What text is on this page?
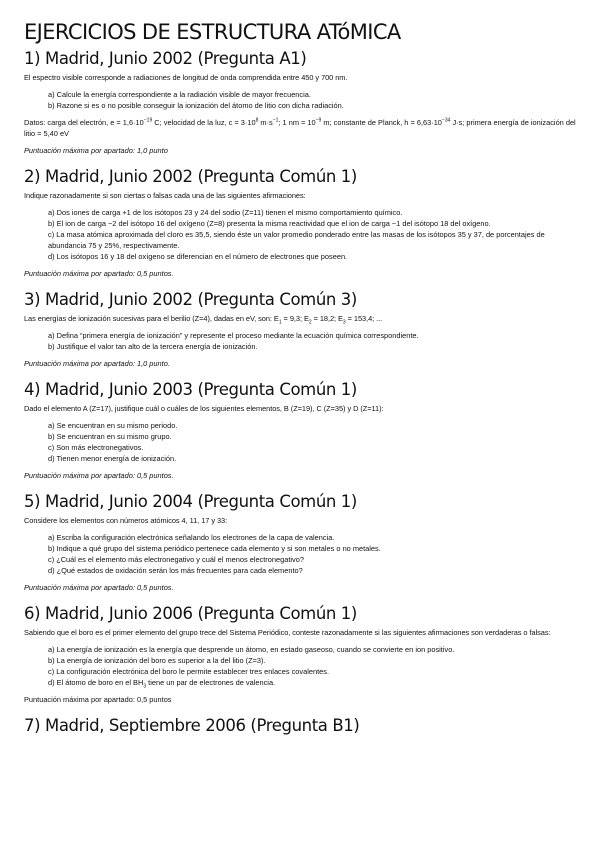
EJERCICIOS DE ESTRUCTURA ATóMICA
1) Madrid, Junio 2002 (Pregunta A1)

El espectro visible corresponde a radiaciones de longitud de onda comprendida entre 450 y 700 nm.

a) Calcule la energía correspondiente a la radiación visible de mayor frecuencia.
b) Razone si es o no posible conseguir la ionización del átomo de litio con dicha radiación.

Datos: carga del electrón, $e = 1,6\cdot 10^{-19}$ C; velocidad de la luz, $c = 3\cdot 10^8$ $m\cdot s^{-1}$; 1 nm = $10^{-9}$ m; constante de Planck, $h = 6,63\cdot 10^{-34}$ J·s; primera energía de ionización del litio = 5,40 eV

Puntuación máxima por apartado: 1,0 punto

2) Madrid, Junio 2002 (Pregunta Común 1)

Indique razonadamente si son ciertas o falsas cada una de las siguientes afirmaciones:

a) Dos iones de carga +1 de los isótopos 23 y 24 del sodio (Z=11) tienen el mismo comportamiento químico.
b) El ion de carga −2 del isótopo 16 del oxígeno (Z=8) presenta la misma reactividad que el ion de carga −1 del isótopo 18 del oxígeno.
c) La masa atómica aproximada del cloro es 35,5, siendo éste un valor promedio ponderado entre las masas de los isótopos 35 y 37, de porcentajes de abundancia 75 y 25%, respectivamente.
d) Los isótopos 16 y 18 del oxígeno se diferencian en el número de electrones que poseen.

Puntuación máxima por apartado: 0,5 puntos.

3) Madrid, Junio 2002 (Pregunta Común 3)

Las energías de ionización sucesivas para el berilio (Z=4), dadas en eV, son: $E_1 = 9,3$; $E_2 = 18,2$; $E_3 = 153,4$; ...

a) Defina “primera energía de ionización” y represente el proceso mediante la ecuación química correspondiente.
b) Justifique el valor tan alto de la tercera energía de ionización.

Puntuación máxima por apartado: 1,0 punto.

4) Madrid, Junio 2003 (Pregunta Común 1)

Dado el elemento A (Z=17), justifique cuál o cuáles de los siguientes elementos, B (Z=19), C (Z=35) y D (Z=11):

a) Se encuentran en su mismo periodo.
b) Se encuentran en su mismo grupo.
c) Son más electronegativos.
d) Tienen menor energía de ionización.

Puntuación máxima por apartado: 0,5 puntos.

5) Madrid, Junio 2004 (Pregunta Común 1)

Considere los elementos con números atómicos 4, 11, 17 y 33:

a) Escriba la configuración electrónica señalando los electrones de la capa de valencia.
b) Indique a qué grupo del sistema periódico pertenece cada elemento y si son metales o no metales.
c) ¿Cuál es el elemento más electronegativo y cuál el menos electronegativo?
d) ¿Qué estados de oxidación serán los más frecuentes para cada elemento?

Puntuación máxima por apartado: 0,5 puntos.

6) Madrid, Junio 2006 (Pregunta Común 1)

Sabiendo que el boro es el primer elemento del grupo trece del Sistema Periódico, conteste razonadamente si las siguientes afirmaciones son verdaderas o falsas:

a) La energía de ionización es la energía que desprende un átomo, en estado gaseoso, cuando se convierte en ion positivo.
b) La energía de ionización del boro es superior a la del litio (Z=3).
c) La configuración electrónica del boro le permite establecer tres enlaces covalentes.
d) El átomo de boro en el $BH_3$ tiene un par de electrones de valencia.

Puntuación máxima por apartado: 0,5 puntos

7) Madrid, Septiembre 2006 (Pregunta B1)
